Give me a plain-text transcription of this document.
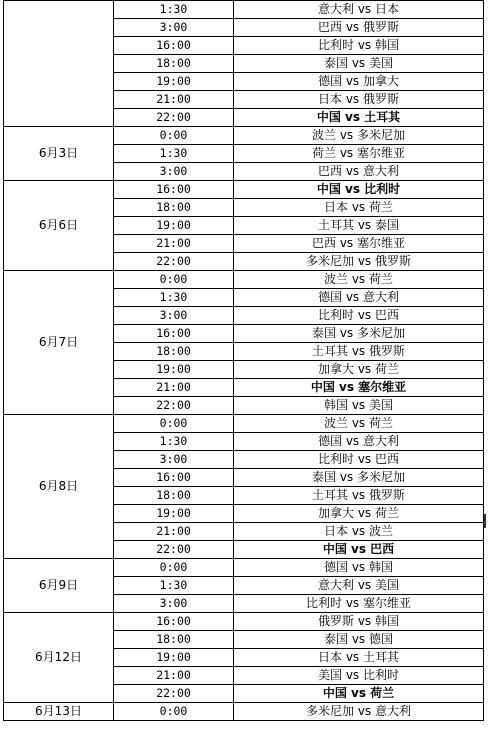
	1:30	意大利 vs 日本
	3:00	巴西 vs 俄罗斯
	16:00	比利时 vs 韩国
	18:00	泰国 vs 美国
	19:00	德国 vs 加拿大
	21:00	日本 vs 俄罗斯
	22:00	中国 vs 土耳其
6月3日	0:00	波兰 vs 多米尼加
	1:30	荷兰 vs 塞尔维亚
	3:00	巴西 vs 意大利
6月6日	16:00	中国 vs 比利时
	18:00	日本 vs 荷兰
	19:00	土耳其 vs 泰国
	21:00	巴西 vs 塞尔维亚
	22:00	多米尼加 vs 俄罗斯
6月7日	0:00	波兰 vs 荷兰
	1:30	德国 vs 意大利
	3:00	比利时 vs 巴西
	16:00	泰国 vs 多米尼加
	18:00	土耳其 vs 俄罗斯
	19:00	加拿大 vs 荷兰
	21:00	中国 vs 塞尔维亚
	22:00	韩国 vs 美国
6月8日	0:00	波兰 vs 荷兰
	1:30	德国 vs 意大利
	3:00	比利时 vs 巴西
	16:00	泰国 vs 多米尼加
	18:00	土耳其 vs 俄罗斯
	19:00	加拿大 vs 荷兰
	21:00	日本 vs 波兰
	22:00	中国 vs 巴西
6月9日	0:00	德国 vs 韩国
	1:30	意大利 vs 美国
	3:00	比利时 vs 塞尔维亚
6月12日	16:00	俄罗斯 vs 韩国
	18:00	泰国 vs 德国
	19:00	日本 vs 土耳其
	21:00	美国 vs 比利时
	22:00	中国 vs 荷兰
6月13日	0:00	多米尼加 vs 意大利
